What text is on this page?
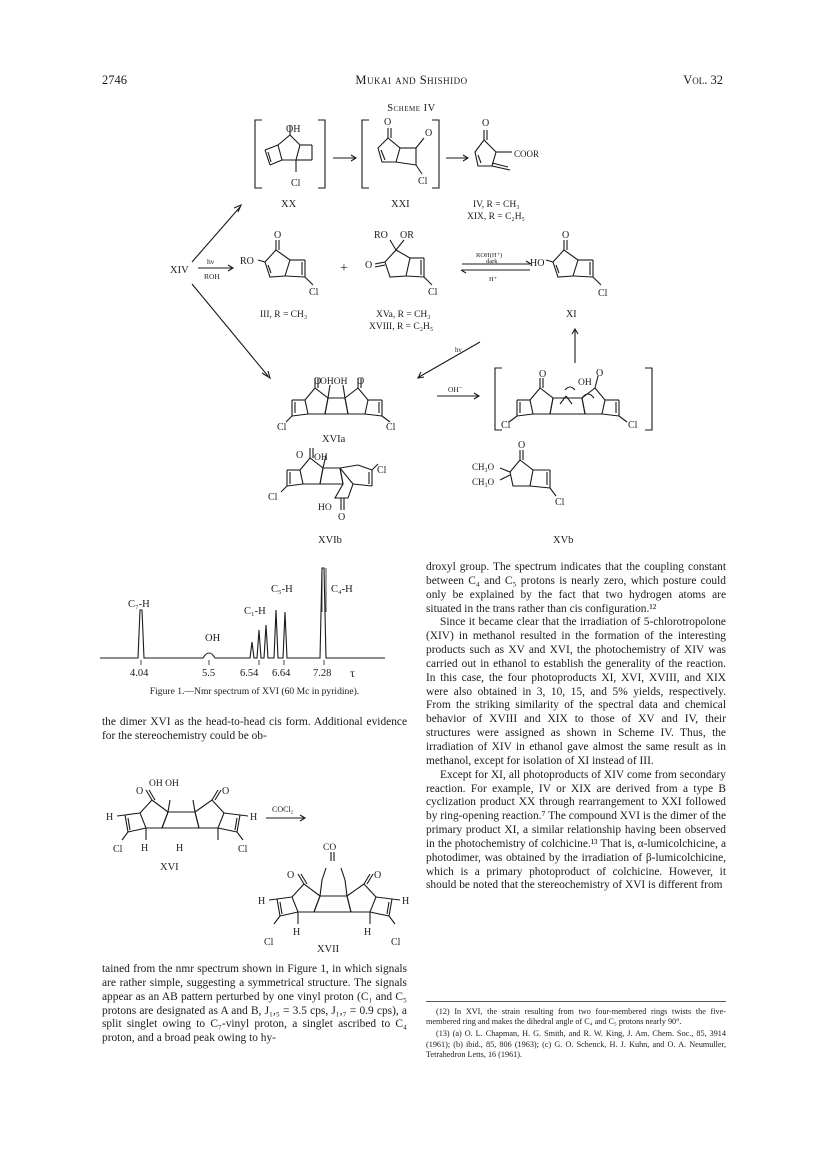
2746	Mukai and Shishido	Vol. 32
Scheme IV
OH
Cl
XX
O
O
Cl
XXI
O
COOR
IV, R = CH₃
XIX, R = C₂H₅
XIV
hν
ROH
RO
O
Cl
III, R = CH₃
+
RO OR
O
Cl
XVa, R = CH₃
XVIII, R = C₂H₅
ROH(H⁺)
dark
H⁺
HO
O
Cl
XI
hν
O
OHOH O
Cl	Cl
XVIa
OH⁻
O
OH
O
Cl	Cl
O OH
Cl
Cl
HO
O
XVIb
O
CH₃O
CH₃O
Cl
XVb
C₇-H
C₁-H
C₅-H	C₄-H
OH
4.04	5.5 6.54 6.64 7.28 τ
Figure 1.—Nmr spectrum of XVI (60 Mc in pyridine).

the dimer XVI as the head-to-head cis form. Additional evidence for the stereochemistry could be ob-

OH OH
O	O
H	H
H	H
Cl	Cl
XVI
COCl₂
CO
O	O
H	H
H	H
Cl	Cl
XVII

tained from the nmr spectrum shown in Figure 1, in which signals are rather simple, suggesting a symmetrical structure. The signals appear as an AB pattern perturbed by one vinyl proton (C₁ and C₅ protons are designated as A and B, J₁,₅ = 3.5 cps, J₁,₇ = 0.9 cps), a split singlet owing to C₇-vinyl proton, a singlet ascribed to C₄ proton, and a broad peak owing to hy-

droxyl group. The spectrum indicates that the coupling constant between C₄ and C₅ protons is nearly zero, which posture could only be explained by the fact that two hydrogen atoms are situated in the trans rather than cis configuration.¹²

Since it became clear that the irradiation of 5-chlorotropolone (XIV) in methanol resulted in the formation of the interesting products such as XV and XVI, the photochemistry of XIV was carried out in ethanol to establish the generality of the reaction. In this case, the four photoproducts XI, XVI, XVIII, and XIX were also obtained in 3, 10, 15, and 5% yields, respectively. From the striking similarity of the spectral data and chemical behavior of XVIII and XIX to those of XV and IV, their structures were assigned as shown in Scheme IV. Thus, the irradiation of XIV in ethanol gave almost the same result as in methanol, except for isolation of XI instead of III.

Except for XI, all photoproducts of XIV come from secondary reaction. For example, IV or XIX are derived from a type B cyclization product XX through rearrangement to XXI followed by ring-opening reaction.⁷ The compound XVI is the dimer of the primary product XI, a similar relationship having been observed in the photochemistry of colchicine.¹³ That is, α-lumicolchicine, a photodimer, was obtained by the irradiation of β-lumicolchicine, which is a primary photoproduct of colchicine. However, it should be noted that the stereochemistry of XVI is different from

(12) In XVI, the strain resulting from two four-membered rings twists the five-membered ring and makes the dihedral angle of C₄ and C₅ protons nearly 90°.

(13) (a) O. L. Chapman, H. G. Smith, and R. W. King, J. Am. Chem. Soc., 85, 3914 (1961); (b) ibid., 85, 806 (1963); (c) G. O. Schenck, H. J. Kuhn, and O. A. Neumuller, Tetrahedron Letts, 16 (1961).
